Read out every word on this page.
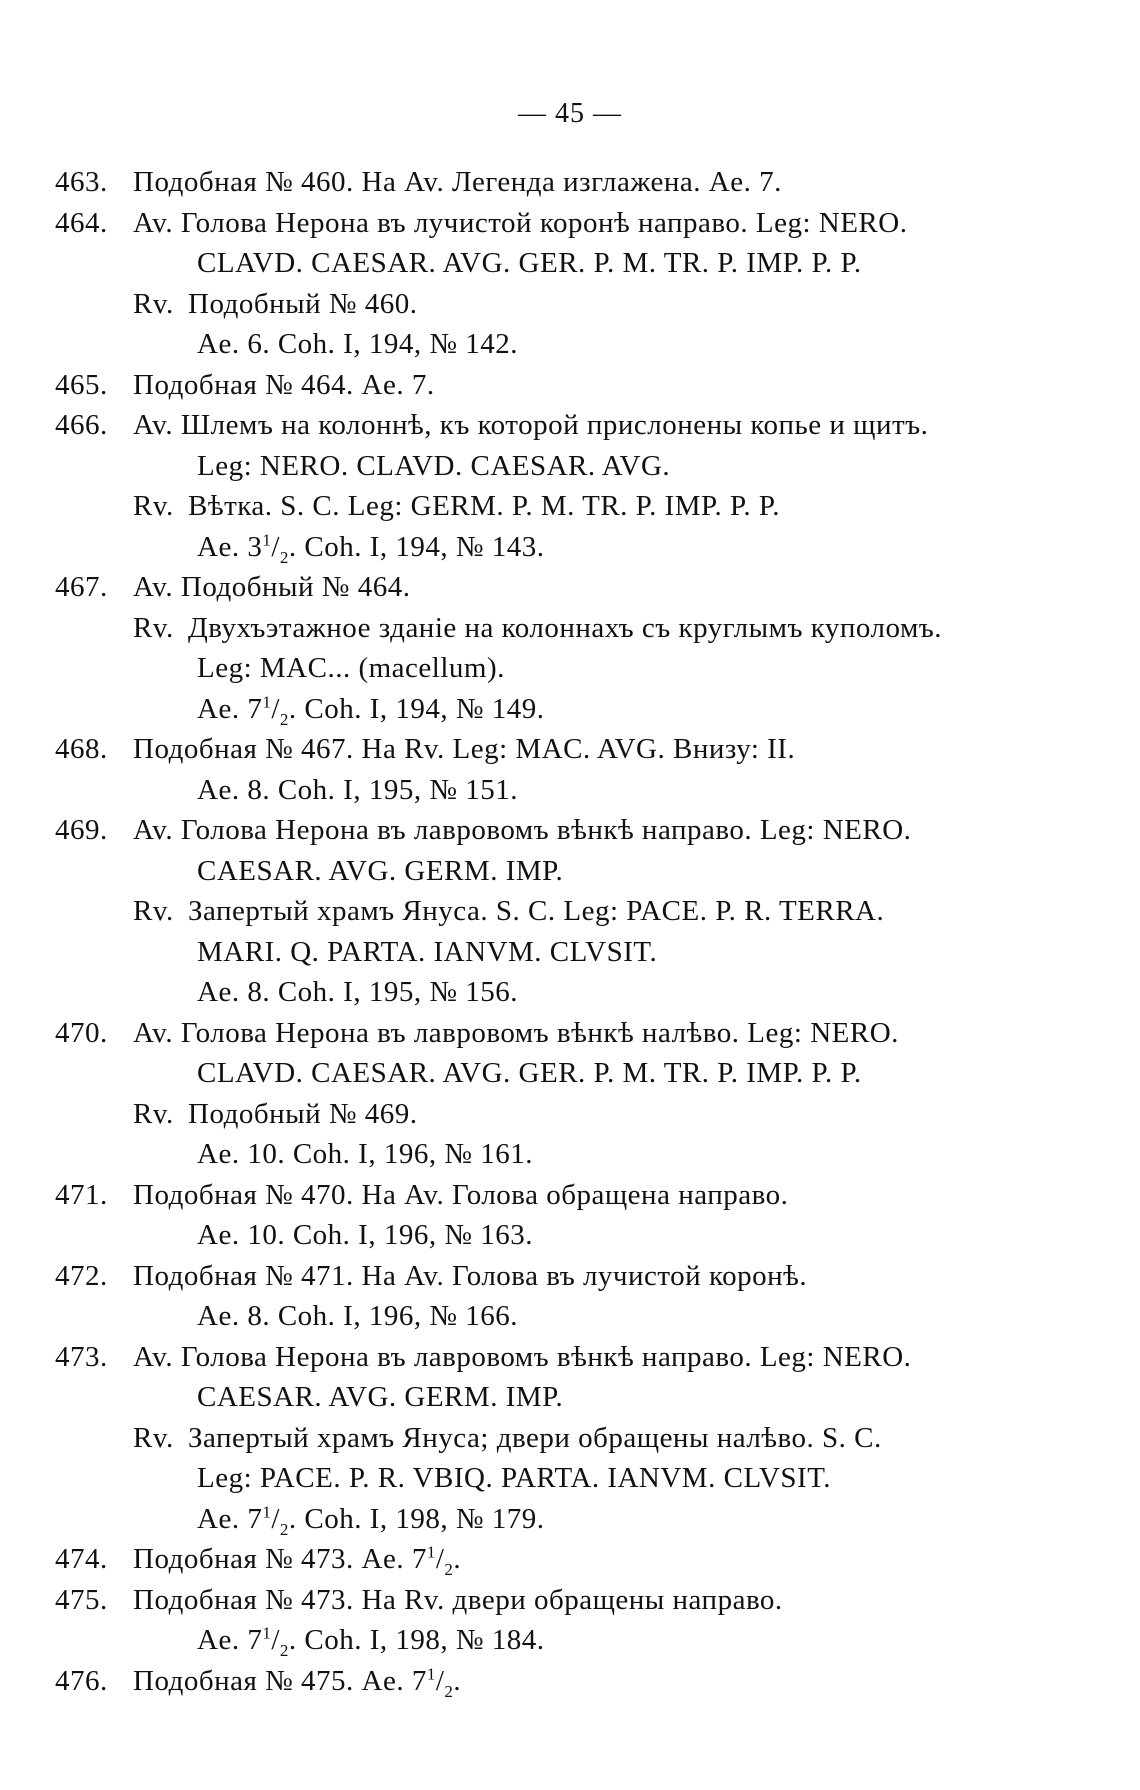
— 45 —
463. Подобная № 460. На Av. Легенда изглажена. Ae. 7.
464. Av. Голова Нерона въ лучистой коронѣ направо. Leg: NERO.
CLAVD. CAESAR. AVG. GER. P. M. TR. P. IMP. P. P.
Rv. Подобный № 460.
Ae. 6. Coh. I, 194, № 142.
465. Подобная № 464. Ae. 7.
466. Av. Шлемъ на колоннѣ, къ которой прислонены копье и щитъ.
Leg: NERO. CLAVD. CAESAR. AVG.
Rv. Вѣтка. S. C. Leg: GERM. P. M. TR. P. IMP. P. P.
Ae. $3^1/_2$. Coh. I, 194, № 143.
467. Av. Подобный № 464.
Rv. Двухъэтажное зданіе на колоннахъ съ круглымъ куполомъ.
Leg: MAC... (macellum).
Ae. $7^1/_2$. Coh. I, 194, № 149.
468. Подобная № 467. На Rv. Leg: MAC. AVG. Внизу: II.
Ae. 8. Coh. I, 195, № 151.
469. Av. Голова Нерона въ лавровомъ вѣнкѣ направо. Leg: NERO.
CAESAR. AVG. GERM. IMP.
Rv. Запертый храмъ Януса. S. C. Leg: PACE. P. R. TERRA.
MARI. Q. PARTA. IANVM. CLVSIT.
Ae. 8. Coh. I, 195, № 156.
470. Av. Голова Нерона въ лавровомъ вѣнкѣ налѣво. Leg: NERO.
CLAVD. CAESAR. AVG. GER. P. M. TR. P. IMP. P. P.
Rv. Подобный № 469.
Ae. 10. Coh. I, 196, № 161.
471. Подобная № 470. На Av. Голова обращена направо.
Ae. 10. Coh. I, 196, № 163.
472. Подобная № 471. На Av. Голова въ лучистой коронѣ.
Ae. 8. Coh. I, 196, № 166.
473. Av. Голова Нерона въ лавровомъ вѣнкѣ направо. Leg: NERO.
CAESAR. AVG. GERM. IMP.
Rv. Запертый храмъ Януса; двери обращены налѣво. S. C.
Leg: PACE. P. R. VBIQ. PARTA. IANVM. CLVSIT.
Ae. $7^1/_2$. Coh. I, 198, № 179.
474. Подобная № 473. Ae. $7^1/_2$.
475. Подобная № 473. На Rv. двери обращены направо.
Ae. $7^1/_2$. Coh. I, 198, № 184.
476. Подобная № 475. Ae. $7^1/_2$.
